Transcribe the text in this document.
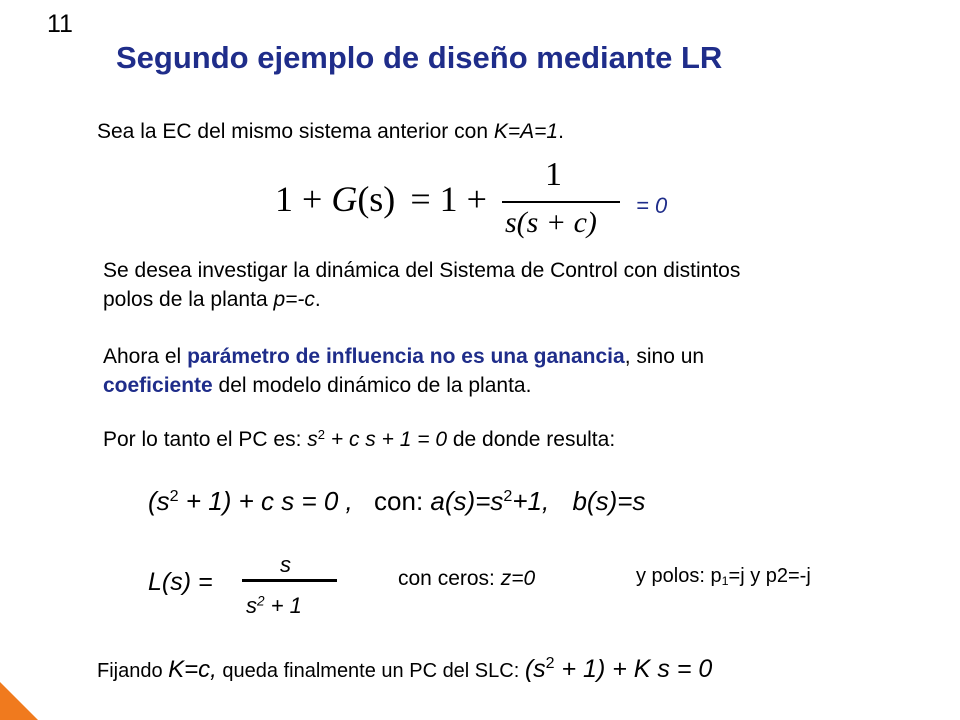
11
Segundo ejemplo de diseño mediante LR
Sea la EC del mismo sistema anterior con K=A=1.
1 + G(s) = 1 +
1
s(s + c)
= 0
Se desea investigar la dinámica del Sistema de Control con distintos
polos de la planta p=-c.
Ahora el parámetro de influencia no es una ganancia, sino un
coeficiente del modelo dinámico de la planta.
Por lo tanto el PC es: $s^2 + c$ s + 1 = 0 de donde resulta:
$(s^2 + 1) + c$ s = 0 , con: $a(s)=s^2+1$, b(s)=s
L(s) =
s
$s^2 + 1$
con ceros: z=0	y polos: $p_1=j$ y p2=-j
Fijando K=c, queda finalmente un PC del SLC: $(s^2 + 1) + K$ s = 0
